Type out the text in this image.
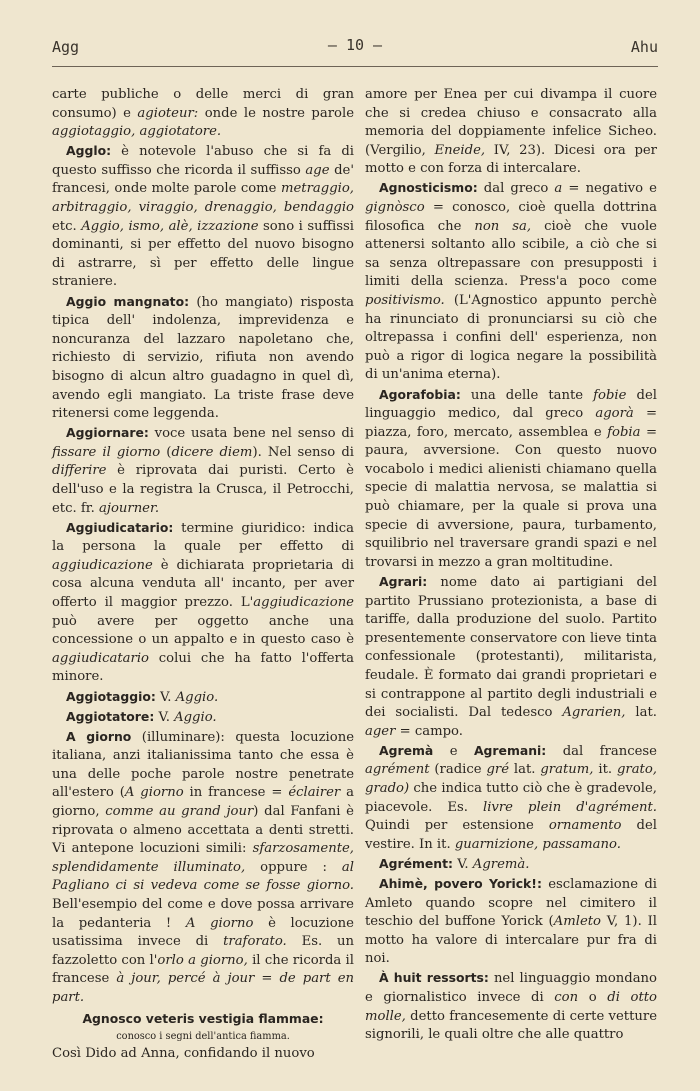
Agg	— 10 —	Ahu

carte publiche o delle merci di gran consumo) e agioteur: onde le nostre parole aggiotaggio, aggiotatore.

Agglo: è notevole l'abuso che si fa di questo suffisso che ricorda il suffisso age de' francesi, onde molte parole come metraggio, arbitraggio, viraggio, drenaggio, bendaggio etc. Aggio, ismo, alè, izzazione sono i suffissi dominanti, si per effetto del nuovo bisogno di astrarre, sì per effetto delle lingue straniere.

Aggio mangnato: (ho mangiato) risposta tipica dell' indolenza, imprevidenza e noncuranza del lazzaro napoletano che, richiesto di servizio, rifiuta non avendo bisogno di alcun altro guadagno in quel dì, avendo egli mangiato. La triste frase deve ritenersi come leggenda.

Aggiornare: voce usata bene nel senso di fissare il giorno (dicere diem). Nel senso di differire è riprovata dai puristi. Certo è dell'uso e la registra la Crusca, il Petrocchi, etc. fr. ajourner.

Aggiudicatario: termine giuridico: indica la persona la quale per effetto di aggiudicazione è dichiarata proprietaria di cosa alcuna venduta all' incanto, per aver offerto il maggior prezzo. L'aggiudicazione può avere per oggetto anche una concessione o un appalto e in questo caso è aggiudicatario colui che ha fatto l'offerta minore.

Aggiotaggio: V. Aggio.

Aggiotatore: V. Aggio.

A giorno (illuminare): questa locuzione italiana, anzi italianissima tanto che essa è una delle poche parole nostre penetrate all'estero (A giorno in francese = éclairer a giorno, comme au grand jour) dal Fanfani è riprovata o almeno accettata a denti stretti. Vi antepone locuzioni simili: sfarzosamente, splendidamente illuminato, oppure : al Pagliano ci si vedeva come se fosse giorno. Bell'esempio del come e dove possa arrivare la pedanteria ! A giorno è locuzione usatissima invece di traforato. Es. un fazzoletto con l'orlo a giorno, il che ricorda il francese à jour, percé à jour = de part en part.

Agnosco veteris vestigia flammae:
conosco i segni dell'antica fiamma.

Così Dido ad Anna, confidando il nuovo

amore per Enea per cui divampa il cuore che si credea chiuso e consacrato alla memoria del doppiamente infelice Sicheo. (Vergilio, Eneide, IV, 23). Dicesi ora per motto e con forza di intercalare.

Agnosticismo: dal greco a = negativo e gignòsco = conosco, cioè quella dottrina filosofica che non sa, cioè che vuole attenersi soltanto allo scibile, a ciò che si sa senza oltrepassare con presupposti i limiti della scienza. Press'a poco come positivismo. (L'Agnostico appunto perchè ha rinunciato di pronunciarsi su ciò che oltrepassa i confini dell' esperienza, non può a rigor di logica negare la possibilità di un'anima eterna).

Agorafobia: una delle tante fobie del linguaggio medico, dal greco agorà = piazza, foro, mercato, assemblea e fobia = paura, avversione. Con questo nuovo vocabolo i medici alienisti chiamano quella specie di malattia nervosa, se malattia si può chiamare, per la quale si prova una specie di avversione, paura, turbamento, squilibrio nel traversare grandi spazi e nel trovarsi in mezzo a gran moltitudine.

Agrari: nome dato ai partigiani del partito Prussiano protezionista, a base di tariffe, dalla produzione del suolo. Partito presentemente conservatore con lieve tinta confessionale (protestanti), militarista, feudale. È formato dai grandi proprietari e si contrappone al partito degli industriali e dei socialisti. Dal tedesco Agrarien, lat. ager = campo.

Agremà e Agremani: dal francese agrément (radice gré lat. gratum, it. grato, grado) che indica tutto ciò che è gradevole, piacevole. Es. livre plein d'agrément. Quindi per estensione ornamento del vestire. In it. guarnizione, passamano.

Agrément: V. Agremà.

Ahimè, povero Yorick!: esclamazione di Amleto quando scopre nel cimitero il teschio del buffone Yorick (Amleto V, 1). Il motto ha valore di intercalare pur fra di noi.

À huit ressorts: nel linguaggio mondano e giornalistico invece di con o di otto molle, detto francesemente di certe vetture signorili, le quali oltre che alle quattro
